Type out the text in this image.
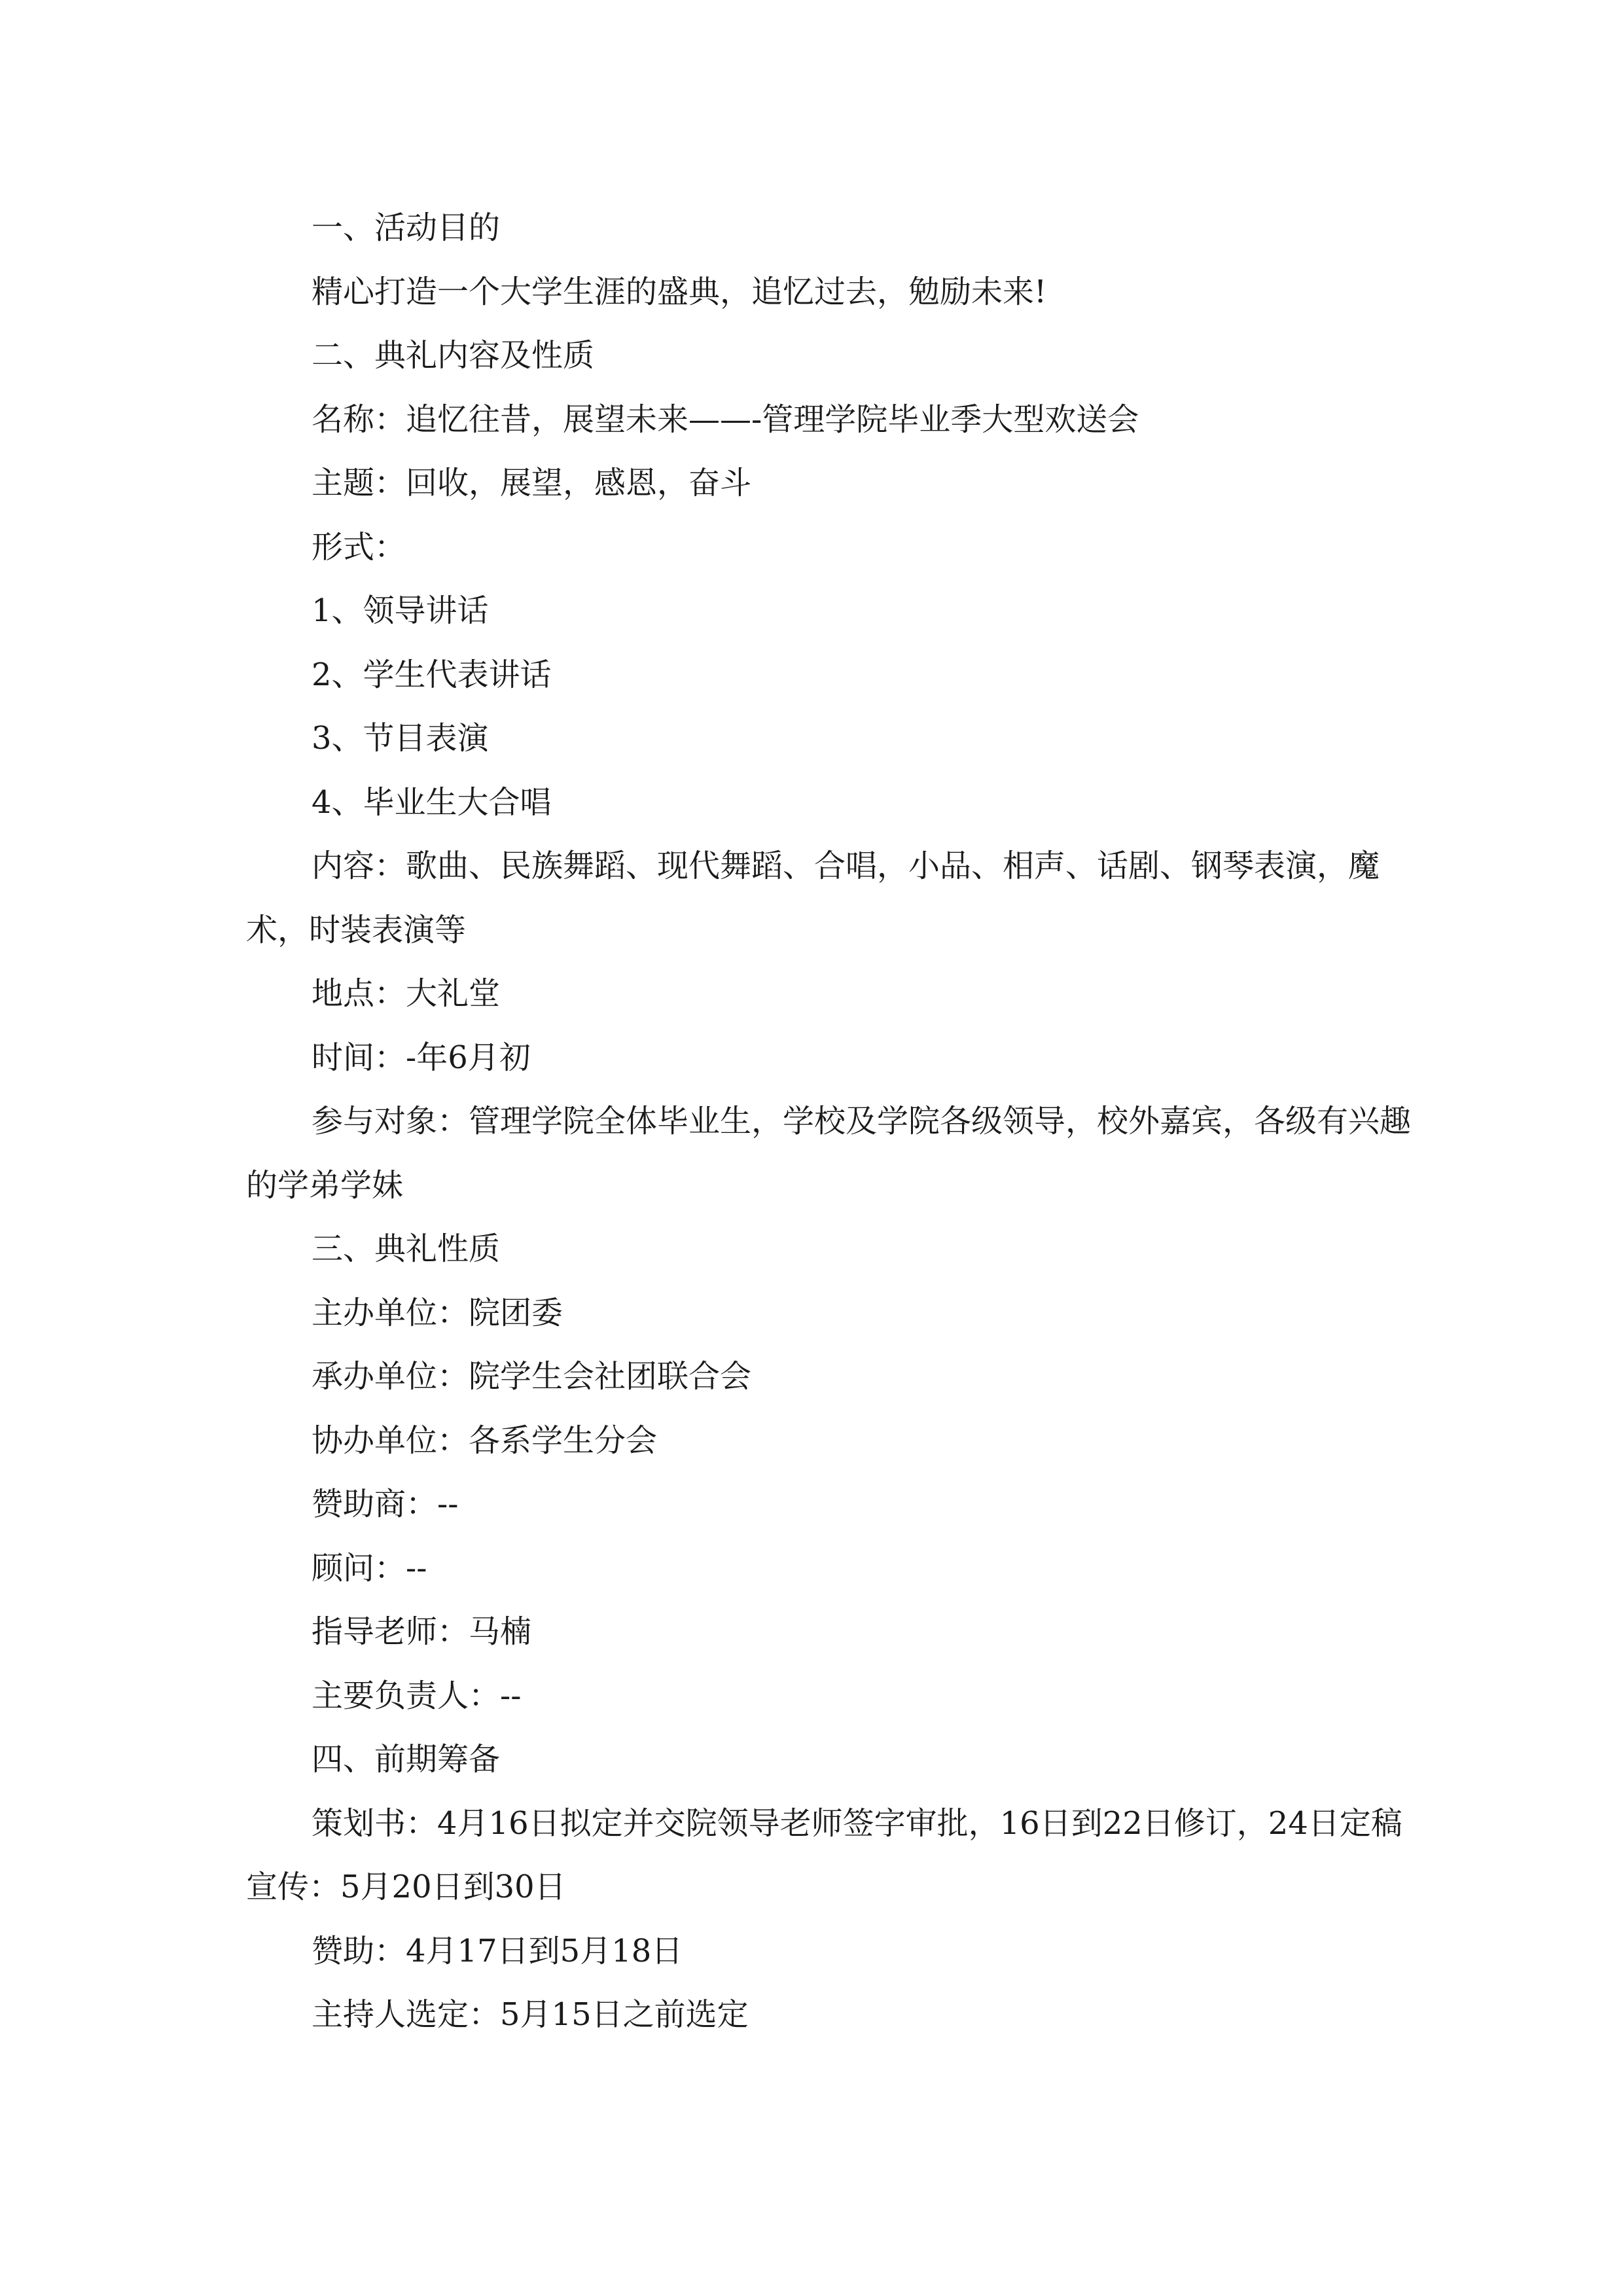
一、活动目的

精心打造一个大学生涯的盛典，追忆过去，勉励未来!

二、典礼内容及性质

名称：追忆往昔，展望未来——-管理学院毕业季大型欢送会

主题：回收，展望，感恩，奋斗

形式：

1、领导讲话

2、学生代表讲话

3、节目表演

4、毕业生大合唱

内容：歌曲、民族舞蹈、现代舞蹈、合唱，小品、相声、话剧、钢琴表演，魔术，时装表演等

地点：大礼堂

时间：-年6月初

参与对象：管理学院全体毕业生，学校及学院各级领导，校外嘉宾，各级有兴趣的学弟学妹

三、典礼性质

主办单位：院团委

承办单位：院学生会社团联合会

协办单位：各系学生分会

赞助商：--

顾问：--

指导老师：马楠

主要负责人：--

四、前期筹备

策划书：4月16日拟定并交院领导老师签字审批，16日到22日修订，24日定稿宣传：5月20日到30日

赞助：4月17日到5月18日

主持人选定：5月15日之前选定
